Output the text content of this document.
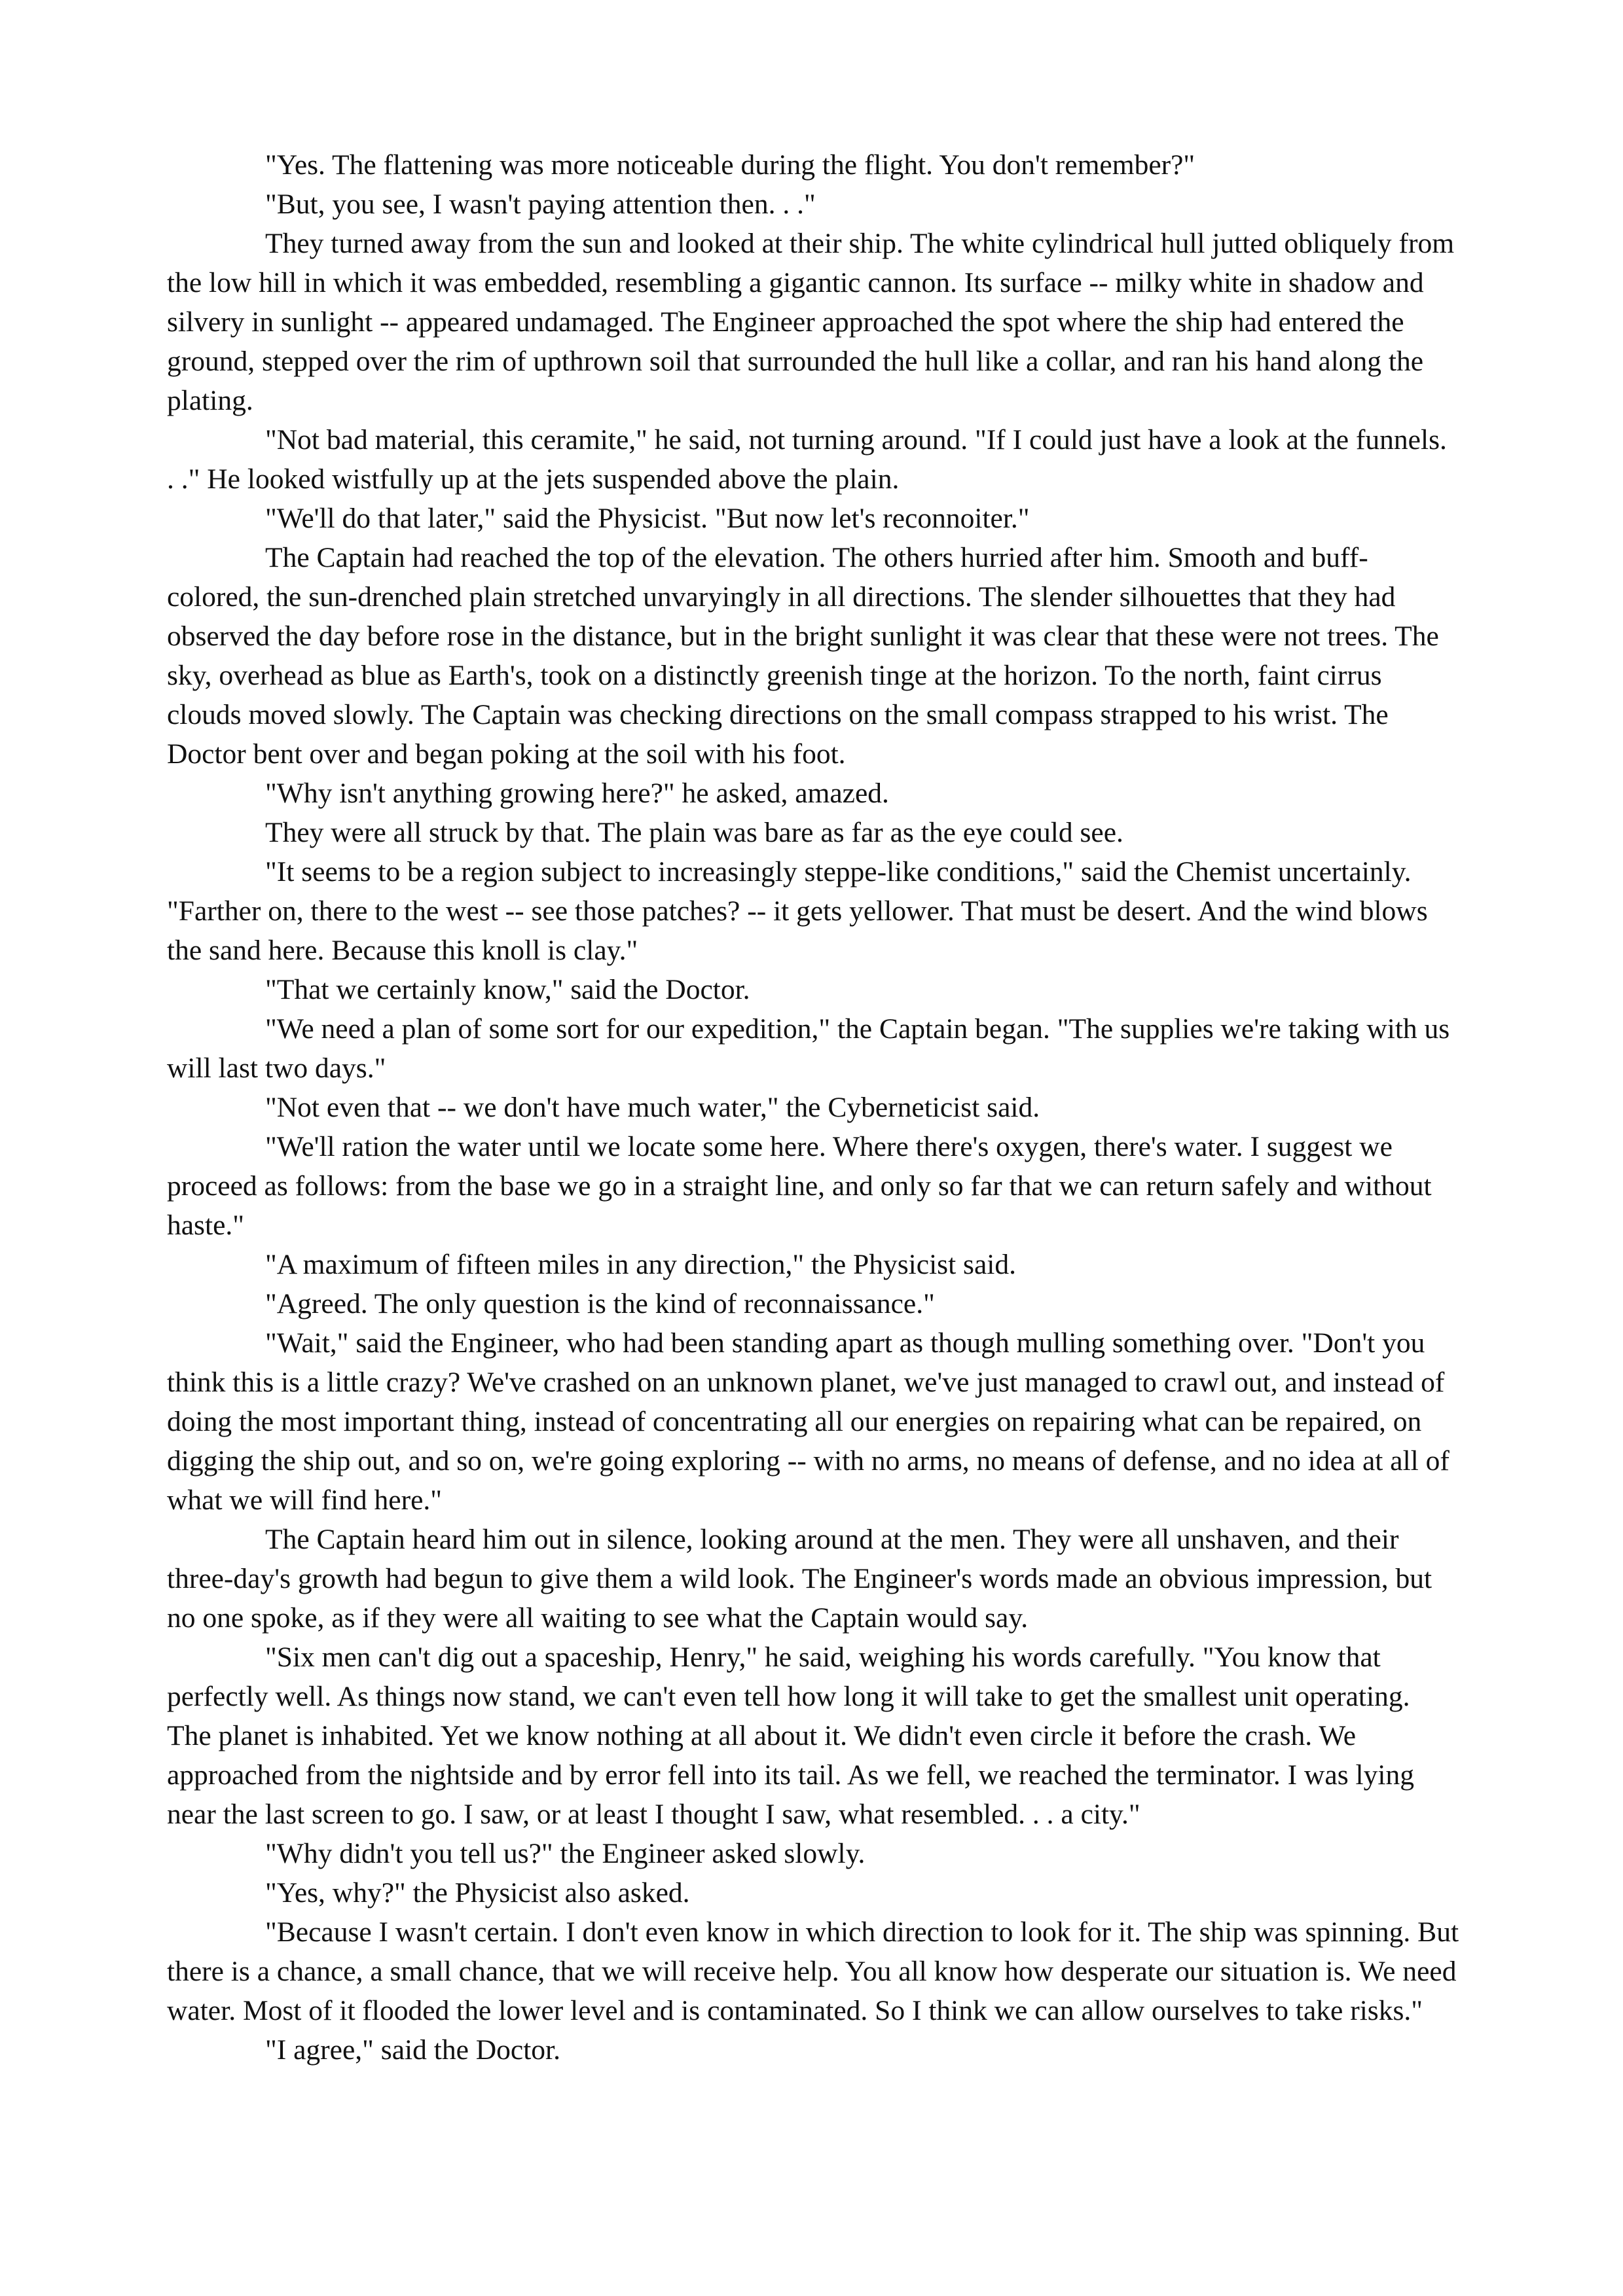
"Yes. The flattening was more noticeable during the flight. You don't remember?"

"But, you see, I wasn't paying attention then. . ."

They turned away from the sun and looked at their ship. The white cylindrical hull jutted obliquely from the low hill in which it was embedded, resembling a gigantic cannon. Its surface -- milky white in shadow and silvery in sunlight -- appeared undamaged. The Engineer approached the spot where the ship had entered the ground, stepped over the rim of upthrown soil that surrounded the hull like a collar, and ran his hand along the plating.

"Not bad material, this ceramite," he said, not turning around. "If I could just have a look at the funnels. . ." He looked wistfully up at the jets suspended above the plain.

"We'll do that later," said the Physicist. "But now let's reconnoiter."

The Captain had reached the top of the elevation. The others hurried after him. Smooth and buff-colored, the sun-drenched plain stretched unvaryingly in all directions. The slender silhouettes that they had observed the day before rose in the distance, but in the bright sunlight it was clear that these were not trees. The sky, overhead as blue as Earth's, took on a distinctly greenish tinge at the horizon. To the north, faint cirrus clouds moved slowly. The Captain was checking directions on the small compass strapped to his wrist. The Doctor bent over and began poking at the soil with his foot.

"Why isn't anything growing here?" he asked, amazed.

They were all struck by that. The plain was bare as far as the eye could see.

"It seems to be a region subject to increasingly steppe-like conditions," said the Chemist uncertainly. "Farther on, there to the west -- see those patches? -- it gets yellower. That must be desert. And the wind blows the sand here. Because this knoll is clay."

"That we certainly know," said the Doctor.

"We need a plan of some sort for our expedition," the Captain began. "The supplies we're taking with us will last two days."

"Not even that -- we don't have much water," the Cyberneticist said.

"We'll ration the water until we locate some here. Where there's oxygen, there's water. I suggest we proceed as follows: from the base we go in a straight line, and only so far that we can return safely and without haste."

"A maximum of fifteen miles in any direction," the Physicist said.

"Agreed. The only question is the kind of reconnaissance."

"Wait," said the Engineer, who had been standing apart as though mulling something over. "Don't you think this is a little crazy? We've crashed on an unknown planet, we've just managed to crawl out, and instead of doing the most important thing, instead of concentrating all our energies on repairing what can be repaired, on digging the ship out, and so on, we're going exploring -- with no arms, no means of defense, and no idea at all of what we will find here."

The Captain heard him out in silence, looking around at the men. They were all unshaven, and their three-day's growth had begun to give them a wild look. The Engineer's words made an obvious impression, but no one spoke, as if they were all waiting to see what the Captain would say.

"Six men can't dig out a spaceship, Henry," he said, weighing his words carefully. "You know that perfectly well. As things now stand, we can't even tell how long it will take to get the smallest unit operating. The planet is inhabited. Yet we know nothing at all about it. We didn't even circle it before the crash. We approached from the nightside and by error fell into its tail. As we fell, we reached the terminator. I was lying near the last screen to go. I saw, or at least I thought I saw, what resembled. . . a city."

"Why didn't you tell us?" the Engineer asked slowly.

"Yes, why?" the Physicist also asked.

"Because I wasn't certain. I don't even know in which direction to look for it. The ship was spinning. But there is a chance, a small chance, that we will receive help. You all know how desperate our situation is. We need water. Most of it flooded the lower level and is contaminated. So I think we can allow ourselves to take risks."

"I agree," said the Doctor.
